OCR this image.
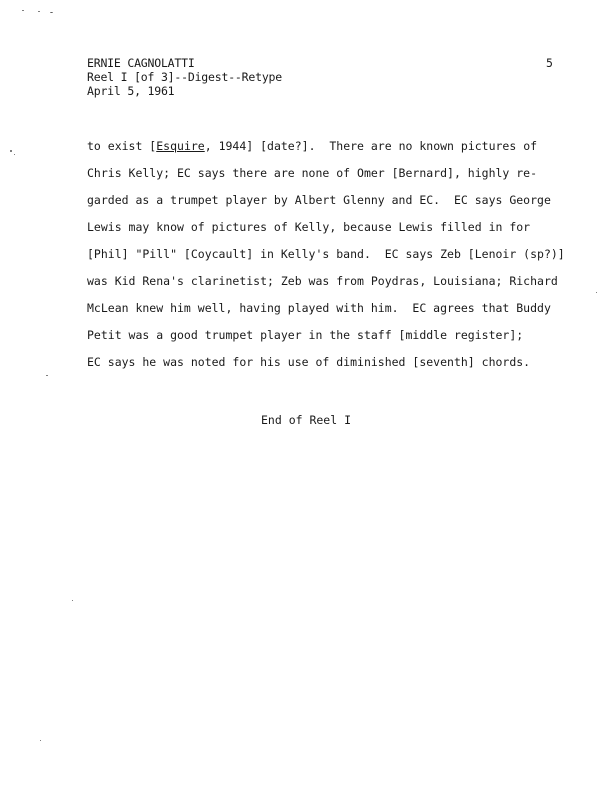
ERNIE CAGNOLATTI
Reel I [of 3]--Digest--Retype
April 5, 1961
5
to exist [Esquire, 1944] [date?].  There are no known pictures of
Chris Kelly; EC says there are none of Omer [Bernard], highly re-
garded as a trumpet player by Albert Glenny and EC.  EC says George
Lewis may know of pictures of Kelly, because Lewis filled in for
[Phil] "Pill" [Coycault] in Kelly's band.  EC says Zeb [Lenoir (sp?)]
was Kid Rena's clarinetist; Zeb was from Poydras, Louisiana; Richard
McLean knew him well, having played with him.  EC agrees that Buddy
Petit was a good trumpet player in the staff [middle register];
EC says he was noted for his use of diminished [seventh] chords.
End of Reel I
